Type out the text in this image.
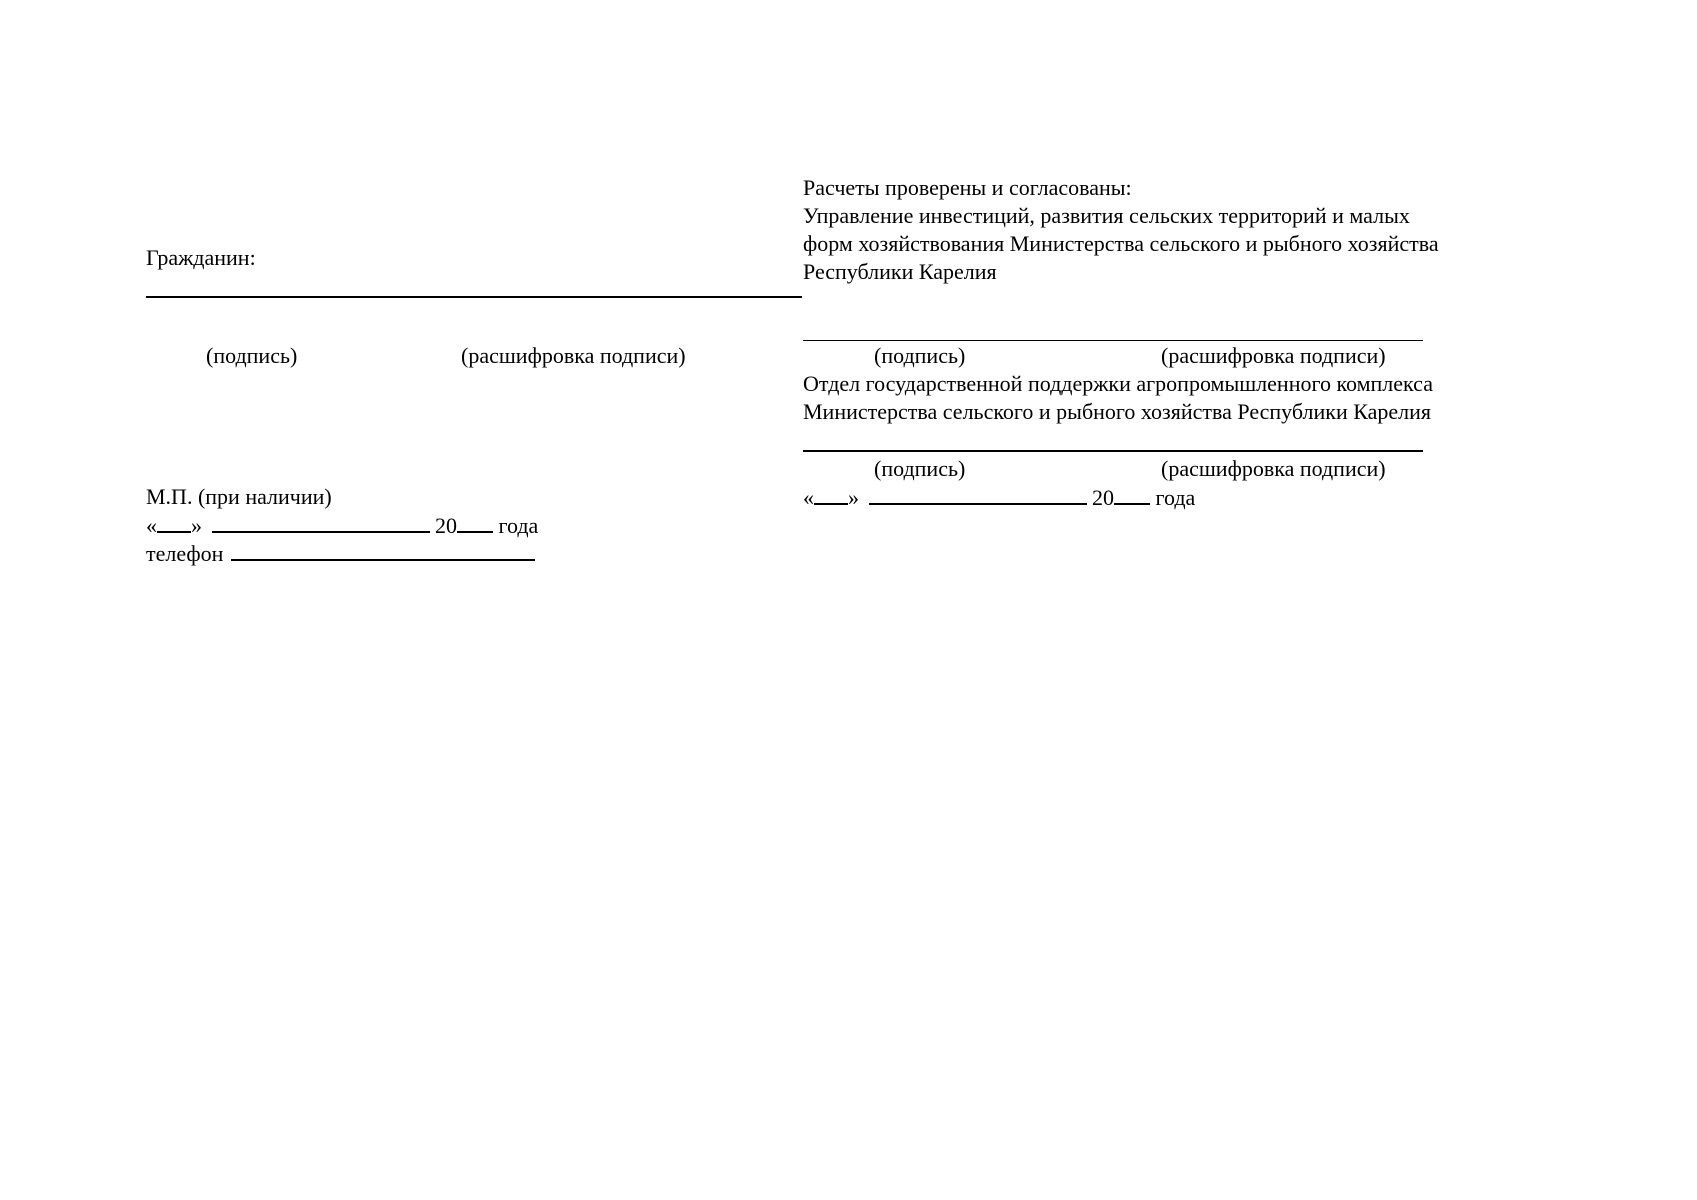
Гражданин:
(подпись)	(расшифровка подписи)
М.П. (при наличии)
« »	20 года
телефон
Расчеты проверены и согласованы:
Управление инвестиций, развития сельских территорий и малых
форм хозяйствования Министерства сельского и рыбного хозяйства
Республики Карелия
(подпись)	(расшифровка подписи)
Отдел государственной поддержки агропромышленного комплекса
Министерства сельского и рыбного хозяйства Республики Карелия
(подпись)	(расшифровка подписи)
« »	20 года
